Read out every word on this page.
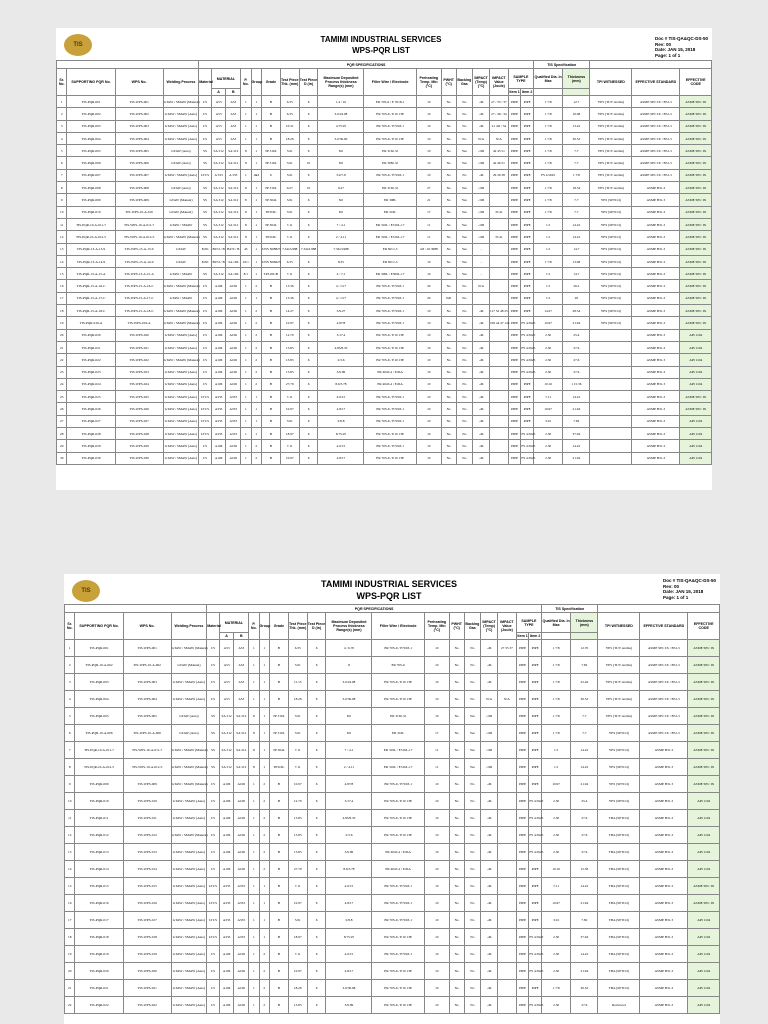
TIS
TAMIMI INDUSTRIAL SERVICES
WPS-PQR LIST
Doc # TIS-QA&QC-DS-50
Rev: 00
Date: JAN 15, 2018
Page: 1 of 1
				PQR SPECIFICATIONS																	TIS Specification				
Sr. No.	SUPPORTING PQR No.	WPS No.	Welding Process	Material	MATERIAL		P. No.	Group	Grade	Test Piece Thk. (mm)	Test Piece D (in)	Maximum Deposited Process thickness Range(s) (mm)	Filler Wire / Electrode	Preheating Temp. Min (°C)	PWHT (°C)	Backing Gas	IMPACT (Temp) (°C)	IMPACT Value (Joule)	SAMPLE TYPE		Qualified Dia. in Max	Thickness (mm)	TPI WITNESSED	EFFECTIVE STANDARD	EFFECTIVE CODE
					A	B													Item 1	Item 2					
1	TIS-PQR-001	TIS-WPS-001	GTAW / SMAW (Manual)	CS	A53	A53	1	1	B	6.35	6	1.4 / 10	ER 70S-6 / E 7018-1	10	No	No	-46	27 / 35 / 37	PIPE	PIPE	1 7/8	12.7	YES (TUV Arabia)	ASME SEC IX / B31.3	ASME SEC IX
2	TIS-PQR-002	TIS-WPS-002	GTAW / SMAW (Auto)	CS	A53	A53	1	1	B	6.35	6	3.0/24.08	ER 70S-6 / E10 13E	10	No	No	-46	27 / 46 / 34	PIPE	PIPE	1 7/8	16.08	YES (TUV Arabia)	ASME SEC IX / B31.3	ASME SEC IX
3	TIS-PQR-003	TIS-WPS-003	GTAW / SMAW (Auto)	CS	A53	A53	1	1	B	10.31	6	4.75/25	ER 70S-6 / E7018-1	10	No	No	-46	21 /46 / 34	PIPE	PIPE	1 7/8	13.22	YES (TUV Arabia)	ASME SEC IX / B31.3	ASME SEC IX
4	TIS-PQR-004	TIS-WPS-004	GTAW / SMAW (Auto)	CS	A53	A53	1	1	B	18.26	6	3.0/36.00	ER 70S-6 / E10 13E	10	No	No	N/A	N/A	PIPE	PIPE	1 7/8	36.52	YES (TUV Arabia)	ASME SEC IX / B31.3	ASME SEC IX
5	TIS-PQR-005	TIS-WPS-005	GTAW (Auto)	SS	SA 312	SA 312	8	1	TP 316L	3.91	6	8.0	ER 316L Si	10	No	Yes	-196	42 45 51	PIPE	PIPE	1 7/8	7.7	YES (TUV Arabia)	ASME SEC IX / B31.3	ASME SEC IX
6	TIS-PQR-006	TIS-WPS-006	GTAW (Auto)	SS	SA 312	SA 312	8	1	TP 316L	3.91	10	8.0	ER 308L Si	10	No	Yes	-196	42 46 51	PIPE	PIPE	1 7/8	7.7	YES (TUV Arabia)	ASME SEC IX / B31.3	ASME SEC IX
7	TIS-PQR-007	TIS-WPS-007	GTAW / SMAW (Auto)	LTCS	A 333	A 333	1	1&2	6	3.91	6	3.0/7.8	ER 70S-6 / E7018-1	10	No	No	-46	26 36 38	PIPE	PIPE	FS 4.5625	1 7/8	YES (TUV Arabia)	ASME SEC IX / B31.3	ASME SEC IX
8	TIS-PQR-008	TIS-WPS-008	GTAW (Auto)	SS	SA 312	SA 312	8	1	TP 316L	9.27	10	9.27	ER 316L Si	27	No	Yes	-196		PIPE	PIPE	1 7/8	18.54	YES (TUV Arabia)	ASME B31.3	ASME SEC IX
9	TIS-PQR-009	TIS-WPS-009	GTAW (Manual)	SS	SA 312	SA 312	8	1	TP 304L	3.91	6	8.0	ER 308L	21	No	Yes	-196		PIPE	PIPE	1 7/8	7.7	YES (SPTCO)	ASME B31.3	ASME SEC IX
10	TIS-PQR-010	TIS-WPS-10-A-010	GTAW (Manual)	SS	SA 312	SA 312	8	1	TP316L	3.91	6	8.0	ER 316L	17	No	Yes	-196	33 41	PIPE	PIPE	1 7/8	7.7	YES (SPTCO)	ASME B31.3	ASME SEC IX
11	TIS-PQR-10-A-011-7	TIS-WPS-10-A-011-7	GTAW / SMAW	SS	SA 312	SA 312	8	1	TP 304L	7.11	6	7 / 4.1	ER 316L / E316L-17	11	No	Yes	-196		PIPE	PIPE	1.5	14.22	YES (SPTCO)	ASME B31.3	ASME SEC IX
12	TIS-PQR-10-A-012-5	TIS-WPS-10-A-012-5	GTAW / SMAW (Manual)	SS	SA 312	SA 312	8	1	TP316L	7.11	6	2 / 4.11	ER 316L / E316L-17	11	No	Yes	-196	33 41	PIPE	PIPE	1.5	14.22	YES (SPTCO)	ASME B31.3	ASME SEC IX
13	TIS-PQR-13-A-13-9	TIS-WPS-13-A-13-9	GTAW	FeNi	B474 / B	B474 / B	45	1	UNS N08825	7.34x3.988	7.34x3.988	7.34x3.988	ER NiCr-3	4.8 / 10.3988	No	Yes	-		PIPE	PIPE	1.5	14.7	YES (SPTCO)	ASME B31.3	ASME SEC IX
14	TIS-PQR-13-A-14-9	TIS-WPS-13-A-14-9	GTAW	FeNi	B474 / B	SA 106	43/1	1	UNS N06625	6.35	6	8.35	ER NiCr-3	10	No	Yes	-		PIPE	PIPE	1 7/8	13.08	YES (SPTCO)	ASME B31.3	ASME SEC IX
15	TIS-PQR-13-A-15-A	TIS-WPS-13-A-15-A	GTAW / SMAW	SS	SA 312	SA 106	8/1	1	TP316L/B	7.11	6	4 / 7.1	ER 309L / E309L-17	10	No	Yes	-		PIPE	PIPE	1.5	14.7	YES (SPTCO)	ASME B31.3	ASME SEC IX
16	TIS-PQR-15-A-16-C	TIS-WPS-15-A-16-C	GTAW / SMAW (Manual)	CS	A106	A106	1	2	B	13.36	6	4 / 13.7	ER 70S-6 / E7018-1	20	No	No	N/A		PIPE	PIPE	1.5	26.2	YES (SPTCO)	ASME B31.3	ASME SEC IX
17	TIS-PQR-15-A-17-C	TIS-WPS-15-A-17-C	GTAW / SMAW	CS	A106	A106	1	1	B	13.36	6	4 / 13.7	ER 70S-6 / E7018-1	20	620	No			PIPE	PIPE	1.5	26	YES (SPTCO)	ASME B31.3	ASME SEC IX
18	TIS-PQR-15-A-18-C	TIS-WPS-15-A-18-C	GTAW / SMAW (Manual)	CS	A106	A106	1	2	B	14.27	6	3/9.27	ER 70S-6 / E7018-1	10	No	No	-46	117 52 48 25	PIPE	PIPE	14.27	28.54	YES (SPTCO)	ASME B31.3	ASME SEC IX
19	TIS-PQR-019-A	TIS-WPS-019-A	GTAW / SMAW (Manual)	CS	A106	A106	1	2	B	10.97	6	4.87/8	ER 70S-6 / E7018-1	10	No	No	-46	109 44 47 124	PIPE	FS 4.5625	10.97	21.94	YES (SPTCO)	ASME B31.3	ASME SEC IX
20	TIS-PQR-020	TIS-WPS-020	GTAW / SMAW (Auto)	CS	A106	A106	1	2	B	12.70	6	3/17.4	ER 70S-6 / E10 13E	10	No	No	-46		PIPE	FS 4.5625	2.50	25.4		ASME B31.3	API 1104
21	TIS-PQR-021	TIS-WPS-021	GTAW / SMAW (Auto)	CS	A106	A106	1	2	B	13.83	6	4.83/8.33	ER 70S-6 / E10 13E	10	No	No	-46		PIPE	FS 4.5625	2.50	27.6		ASME B31.3	API 1104
22	TIS-PQR-022	TIS-WPS-022	GTAW / SMAW (Manual)	CS	A106	A106	1	2	B	13.83	6	2/3.6	ER 70S-6 / E10 13E	10	No	No	-46		PIPE	FS 4.5625	2.50	27.6		ASME B31.3	API 1104
23	TIS-PQR-023	TIS-WPS-023	GTAW / SMAW (Auto)	CS	A106	A106	1	2	B	13.83	6	3/9.99	ER 4043-4 / E4SA	10	No	No	-46		PIPE	FS 4.5625	2.50	27.6		ASME B31.3	API 1104
24	TIS-PQR-024	TIS-WPS-024	GTAW / SMAW (Auto)	CS	A106	A106	1	2	B	27.79	6	8.9/3.78	ER 4043-4 / E4SA	10	No	No	-46		PIPE	PIPE	10.16	1 15.36		ASME B31.3	API 1104
25	TIS-PQR-025	TIS-WPS-025	GTAW / SMAW (Auto)	LTCS	A333	A333	1	1	B	7.11	6	4.0/15	ER 70S-6 / E7018-1	10	No	No	-46		PIPE	PIPE	7.11	14.22		ASME B31.3	ASME SEC IX
26	TIS-PQR-026	TIS-WPS-026	GTAW / SMAW (Auto)	LTCS	A333	A333	1	1	B	10.97	6	4.8/17	ER 70S-6 / E7018-1	10	No	No	-46		PIPE	PIPE	10.97	21.94		ASME B31.3	ASME SEC IX
27	TIS-PQR-027	TIS-WPS-027	GTAW / SMAW (Auto)	LTCS	A333	A333	1	1	B	3.91	6	2/8.8	ER 70S-6 / E7018-1	10	No	No	-46		PIPE	PIPE	3.91	7.82		ASME B31.3	API 1104
28	TIS-PQR-028	TIS-WPS-028	GTAW / SMAW (Auto)	LTCS	A333	A333	1	1	B	18.97	6	8.75/25	ER 70S-6 / E10 13E	10	No	No	-46		PIPE	FS 4.5625	2.50	37.94		ASME B31.3	API 1104
29	TIS-PQR-029	TIS-WPS-029	GTAW / SMAW (Auto)	CS	A106	A106	1	2	B	7.11	6	4.0/15	ER 70S-6 / E7018-1	10	No	No	-46		PIPE	FS 4.5625	2.50	14.22		ASME B31.3	API 1104
30	TIS-PQR-030	TIS-WPS-030	GTAW / SMAW (Auto)	CS	A106	A106	1	2	B	10.97	6	4.8/17	ER 70S-6 / E10 13E	10	No	No	-46		PIPE	FS 4.5625	2.50	21.94		ASME B31.3	API 1104
TIS
TAMIMI INDUSTRIAL SERVICES
WPS-PQR LIST
Doc # TIS-QA&QC-DS-50
Rev: 00
Date: JAN 15, 2018
Page: 1 of 1
				PQR SPECIFICATIONS																	TIS Specification				
Sr. No.	SUPPORTING PQR No.	WPS No.	Welding Process	Material	MATERIAL		P. No.	Group	Grade	Test Piece Thk. (mm)	Test Piece D (in)	Maximum Deposited Process thickness Range(s) (mm)	Filler Wire / Electrode	Preheating Temp. Min (°C)	PWHT (°C)	Backing Gas	IMPACT (Temp) (°C)	IMPACT Value (Joule)	SAMPLE TYPE		Qualified Dia. in Max	Thickness (mm)	TPI WITNESSED	EFFECTIVE STANDARD	EFFECTIVE CODE
					A	B													Item 1	Item 2					
1	TIS-PQR-001	TIS-WPS-001	GTAW / SMAW (Manual)	CS	A53	A53	1	1	B	6.35	6	4 / 6.70	ER 70S-6 / E7018-1	10	No	No	-46	27 35 37	PIPE	PIPE	1 7/8	12.70	YES (TUV Arabia)	ASME SEC IX / B31.3	ASME SEC IX
2	TIS-PQR-10-A-002	TIS-WPS-10-A-002	GTAW (Manual)	CS	A53	A53	1	1	B	3.91	6	8	ER 70S-6	10	No	No	-46		PIPE	PIPE	1 7/8	7.82	YES (TUV Arabia)	ASME SEC IX / B31.3	ASME SEC IX
3	TIS-PQR-003	TIS-WPS-003	GTAW / SMAW (Auto)	CS	A53	A53	1	1	B	11.13	6	3.0/24.08	ER 70S-6 / E10 13E	10	No	No	-46		PIPE	PIPE	1 7/8	22.26	YES (TUV Arabia)	ASME SEC IX / B31.3	ASME SEC IX
4	TIS-PQR-004	TIS-WPS-004	GTAW / SMAW (Auto)	CS	A53	A53	1	1	B	18.26	6	3.0/36.08	ER 70S-6 / E10 13E	10	No	No	N/A	N/A	PIPE	PIPE	1 7/8	36.52	YES (TUV Arabia)	ASME SEC IX / B31.3	ASME SEC IX
5	TIS-PQR-005	TIS-WPS-005	GTAW (Auto)	SS	SA 312	SA 312	8	1	TP 316L	3.91	6	8.0	ER 316L Si	10	No	Yes	-196		PIPE	PIPE	1 7/8	7.7	YES (TUV Arabia)	ASME SEC IX / B31.3	ASME SEC IX
6	TIS-PQR-10-A-006	TIS-WPS-10-A-006	GTAW (Auto)	SS	SA 312	SA 312	8	1	TP 316L	3.91	6	8.0	ER 316L	17	No	Yes	-196		PIPE	PIPE	1 7/8	7.7	YES (SPTCO)	ASME SEC IX / B31.3	ASME SEC IX
7	TIS-PQR-10-A-011-7	TIS-WPS-10-A-011-7	GTAW / SMAW (Manual)	SS	SA 312	SA 312	8	1	TP 304L	7.11	6	7 / 4.1	ER 316L / E316L-17	11	No	Yes	-196		PIPE	PIPE	1.5	14.22	YES (SPTCO)	ASME B31.3	ASME SEC IX
8	TIS-PQR-10-A-012-5	TIS-WPS-10-A-012-5	GTAW / SMAW (Manual)	SS	SA 312	SA 312	8	1	TP316L	7.11	6	2 / 4.11	ER 316L / E316L-17	11	No	Yes	-196		PIPE	PIPE	1.5	14.22	YES (SPTCO)	ASME B31.3	ASME SEC IX
9	TIS-PQR-009	TIS-WPS-009	GTAW / SMAW (Manual)	CS	A106	A106	1	2	B	10.97	6	4.87/8	ER 70S-6 / E7018-1	10	No	No	-46		PIPE	PIPE	10.97	21.94	YES (SPTCO)	ASME B31.3	ASME SEC IX
10	TIS-PQR-010	TIS-WPS-010	GTAW / SMAW (Auto)	CS	A106	A106	1	2	B	12.70	6	3/17.4	ER 70S-6 / E10 13E	10	No	No	-46		PIPE	FS 4.5625	2.50	25.4	YES (SPTCO)	ASME B31.3	API 1104
11	TIS-PQR-011	TIS-WPS-011	GTAW / SMAW (Auto)	CS	A106	A106	1	2	B	13.83	6	4.83/8.33	ER 70S-6 / E10 13E	10	No	No	-46		PIPE	FS 4.5625	2.50	27.6	TBA (SPTCO)	ASME B31.3	API 1104
12	TIS-PQR-012	TIS-WPS-012	GTAW / SMAW (Manual)	CS	A106	A106	1	2	B	13.83	6	2/3.6	ER 70S-6 / E10 13E	10	No	No	-46		PIPE	FS 4.5625	2.50	27.6	TBA (SPTCO)	ASME B31.3	API 1104
13	TIS-PQR-013	TIS-WPS-013	GTAW / SMAW (Auto)	CS	A106	A106	1	2	B	13.83	6	3/9.99	ER 4043-4 / E4SA	10	No	No	-46		PIPE	FS 4.5625	2.50	27.6	TBA (SPTCO)	ASME B31.3	API 1104
14	TIS-PQR-014	TIS-WPS-014	GTAW / SMAW (Auto)	CS	A106	A106	1	2	B	27.79	6	8.9/3.78	ER 4043-4 / E4SA	10	No	No	-46		PIPE	PIPE	10.16	15.36	TBA (SPTCO)	ASME B31.3	API 1104
15	TIS-PQR-015	TIS-WPS-015	GTAW / SMAW (Auto)	LTCS	A333	A333	1	1	B	7.11	6	4.0/15	ER 70S-6 / E7018-1	10	No	No	-46		PIPE	PIPE	7.11	14.22	TBA (SPTCO)	ASME B31.3	ASME SEC IX
16	TIS-PQR-016	TIS-WPS-016	GTAW / SMAW (Auto)	LTCS	A333	A333	1	1	B	10.97	6	4.8/17	ER 70S-6 / E7018-1	10	No	No	-46		PIPE	PIPE	10.97	21.94	TBA (SPTCO)	ASME B31.3	ASME SEC IX
17	TIS-PQR-017	TIS-WPS-017	GTAW / SMAW (Auto)	LTCS	A333	A333	1	1	B	3.91	6	2/8.8	ER 70S-6 / E7018-1	10	No	No	-46		PIPE	PIPE	3.91	7.82	TBA (SPTCO)	ASME B31.3	API 1104
18	TIS-PQR-018	TIS-WPS-018	GTAW / SMAW (Auto)	LTCS	A333	A333	1	1	B	18.97	6	8.75/25	ER 70S-6 / E10 13E	10	No	No	-46		PIPE	FS 4.5625	2.50	37.94	TBA (SPTCO)	ASME B31.3	API 1104
19	TIS-PQR-019	TIS-WPS-019	GTAW / SMAW (Auto)	CS	A106	A106	1	2	B	7.11	6	4.0/15	ER 70S-6 / E7018-1	10	No	No	-46		PIPE	FS 4.5625	2.50	14.22	TBA (SPTCO)	ASME B31.3	API 1104
20	TIS-PQR-020	TIS-WPS-020	GTAW / SMAW (Auto)	CS	A106	A106	1	2	B	10.97	6	4.8/17	ER 70S-6 / E10 13E	10	No	No	-46		PIPE	FS 4.5625	2.50	21.94	TBA (SPTCO)	ASME B31.3	API 1104
21	TIS-PQR-021	TIS-WPS-021	GTAW / SMAW (Auto)	CS	A106	A106	1	2	B	18.26	6	3.0/36.08	ER 70S-6 / E10 13E	10	No	No	-46		PIPE	PIPE	1 7/8	36.52	TBA (SPTCO)	ASME B31.3	API 1104
22	TIS-PQR-022	TIS-WPS-022	GTAW / SMAW (Auto)	CS	A106	A106	1	2	B	13.83	6	3/9.99	ER 70S-6 / E10 13E	10	No	No	-46		PIPE	FS 4.5625	2.50	27.6	Reviewed	ASME B31.3	API 1104
